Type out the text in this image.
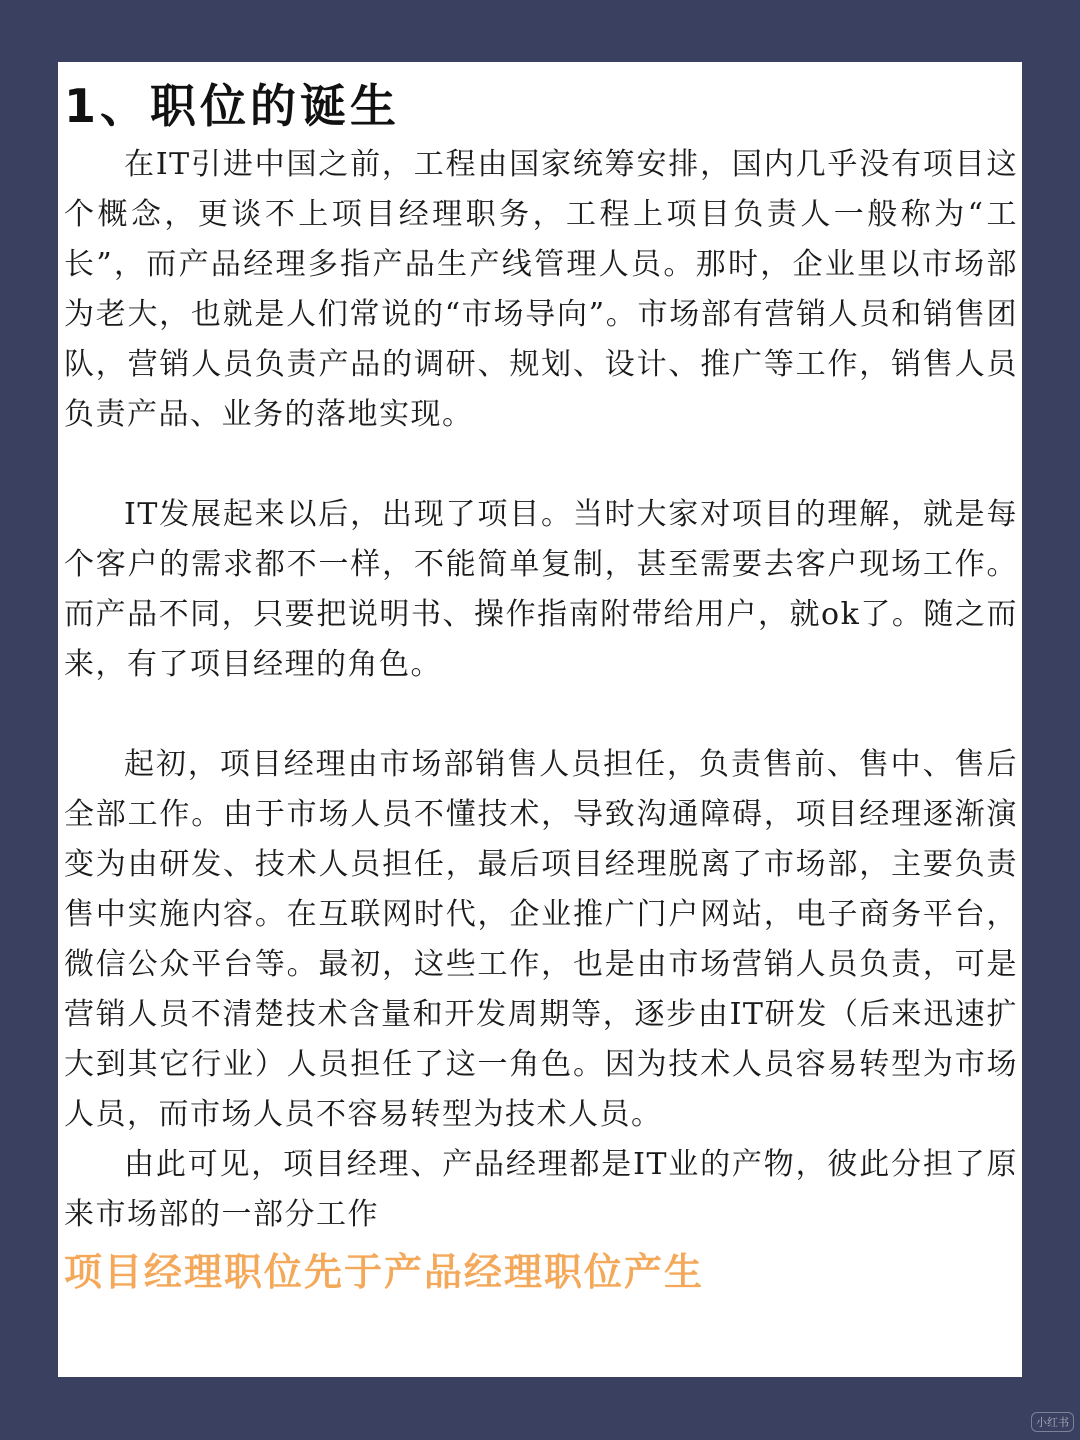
1、职位的诞生

在IT引进中国之前，工程由国家统筹安排，国内几乎没有项目这个概念，更谈不上项目经理职务，工程上项目负责人一般称为“工长”，而产品经理多指产品生产线管理人员。那时，企业里以市场部为老大，也就是人们常说的“市场导向”。市场部有营销人员和销售团队，营销人员负责产品的调研、规划、设计、推广等工作，销售人员负责产品、业务的落地实现。

IT发展起来以后，出现了项目。当时大家对项目的理解，就是每个客户的需求都不一样，不能简单复制，甚至需要去客户现场工作。而产品不同，只要把说明书、操作指南附带给用户，就ok了。随之而来，有了项目经理的角色。

起初，项目经理由市场部销售人员担任，负责售前、售中、售后全部工作。由于市场人员不懂技术，导致沟通障碍，项目经理逐渐演变为由研发、技术人员担任，最后项目经理脱离了市场部，主要负责售中实施内容。在互联网时代，企业推广门户网站，电子商务平台，微信公众平台等。最初，这些工作，也是由市场营销人员负责，可是营销人员不清楚技术含量和开发周期等，逐步由IT研发（后来迅速扩大到其它行业）人员担任了这一角色。因为技术人员容易转型为市场人员，而市场人员不容易转型为技术人员。

由此可见，项目经理、产品经理都是IT业的产物，彼此分担了原来市场部的一部分工作

项目经理职位先于产品经理职位产生

小红书
